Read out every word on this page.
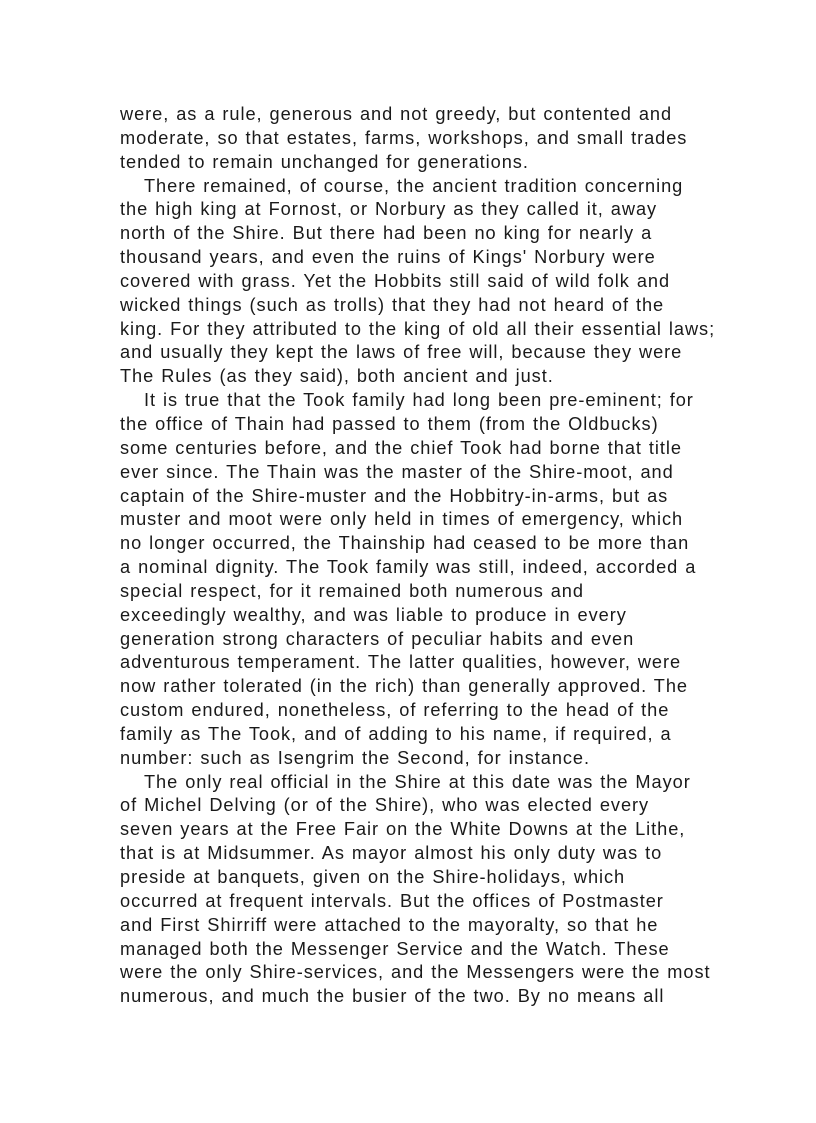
were, as a rule, generous and not greedy, but contented and
moderate, so that estates, farms, workshops, and small trades
tended to remain unchanged for generations.
There remained, of course, the ancient tradition concerning
the high king at Fornost, or Norbury as they called it, away
north of the Shire. But there had been no king for nearly a
thousand years, and even the ruins of Kings' Norbury were
covered with grass. Yet the Hobbits still said of wild folk and
wicked things (such as trolls) that they had not heard of the
king. For they attributed to the king of old all their essential laws;
and usually they kept the laws of free will, because they were
The Rules (as they said), both ancient and just.
It is true that the Took family had long been pre-eminent; for
the office of Thain had passed to them (from the Oldbucks)
some centuries before, and the chief Took had borne that title
ever since. The Thain was the master of the Shire-moot, and
captain of the Shire-muster and the Hobbitry-in-arms, but as
muster and moot were only held in times of emergency, which
no longer occurred, the Thainship had ceased to be more than
a nominal dignity. The Took family was still, indeed, accorded a
special respect, for it remained both numerous and
exceedingly wealthy, and was liable to produce in every
generation strong characters of peculiar habits and even
adventurous temperament. The latter qualities, however, were
now rather tolerated (in the rich) than generally approved. The
custom endured, nonetheless, of referring to the head of the
family as The Took, and of adding to his name, if required, a
number: such as Isengrim the Second, for instance.
The only real official in the Shire at this date was the Mayor
of Michel Delving (or of the Shire), who was elected every
seven years at the Free Fair on the White Downs at the Lithe,
that is at Midsummer. As mayor almost his only duty was to
preside at banquets, given on the Shire-holidays, which
occurred at frequent intervals. But the offices of Postmaster
and First Shirriff were attached to the mayoralty, so that he
managed both the Messenger Service and the Watch. These
were the only Shire-services, and the Messengers were the most
numerous, and much the busier of the two. By no means all
